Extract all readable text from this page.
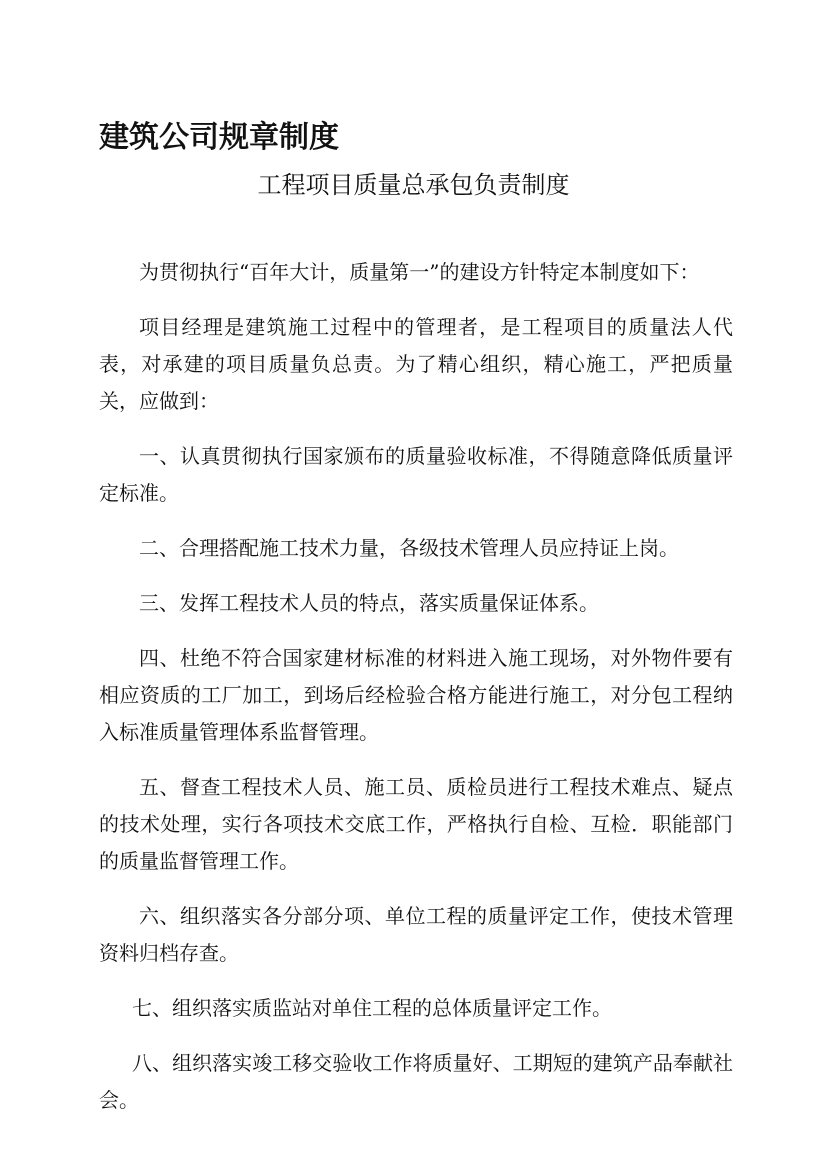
建筑公司规章制度
工程项目质量总承包负责制度

为贯彻执行“百年大计，质量第一”的建设方针特定本制度如下：

项目经理是建筑施工过程中的管理者，是工程项目的质量法人代表，对承建的项目质量负总责。为了精心组织，精心施工，严把质量关，应做到：

一、认真贯彻执行国家颁布的质量验收标准，不得随意降低质量评定标准。

二、合理搭配施工技术力量，各级技术管理人员应持证上岗。

三、发挥工程技术人员的特点，落实质量保证体系。

四、杜绝不符合国家建材标准的材料进入施工现场，对外物件要有相应资质的工厂加工，到场后经检验合格方能进行施工，对分包工程纳入标准质量管理体系监督管理。

五、督查工程技术人员、施工员、质检员进行工程技术难点、疑点的技术处理，实行各项技术交底工作，严格执行自检、互检．职能部门的质量监督管理工作。

六、组织落实各分部分项、单位工程的质量评定工作，使技术管理资料归档存查。

七、组织落实质监站对单住工程的总体质量评定工作。

八、组织落实竣工移交验收工作将质量好、工期短的建筑产品奉献社会。
